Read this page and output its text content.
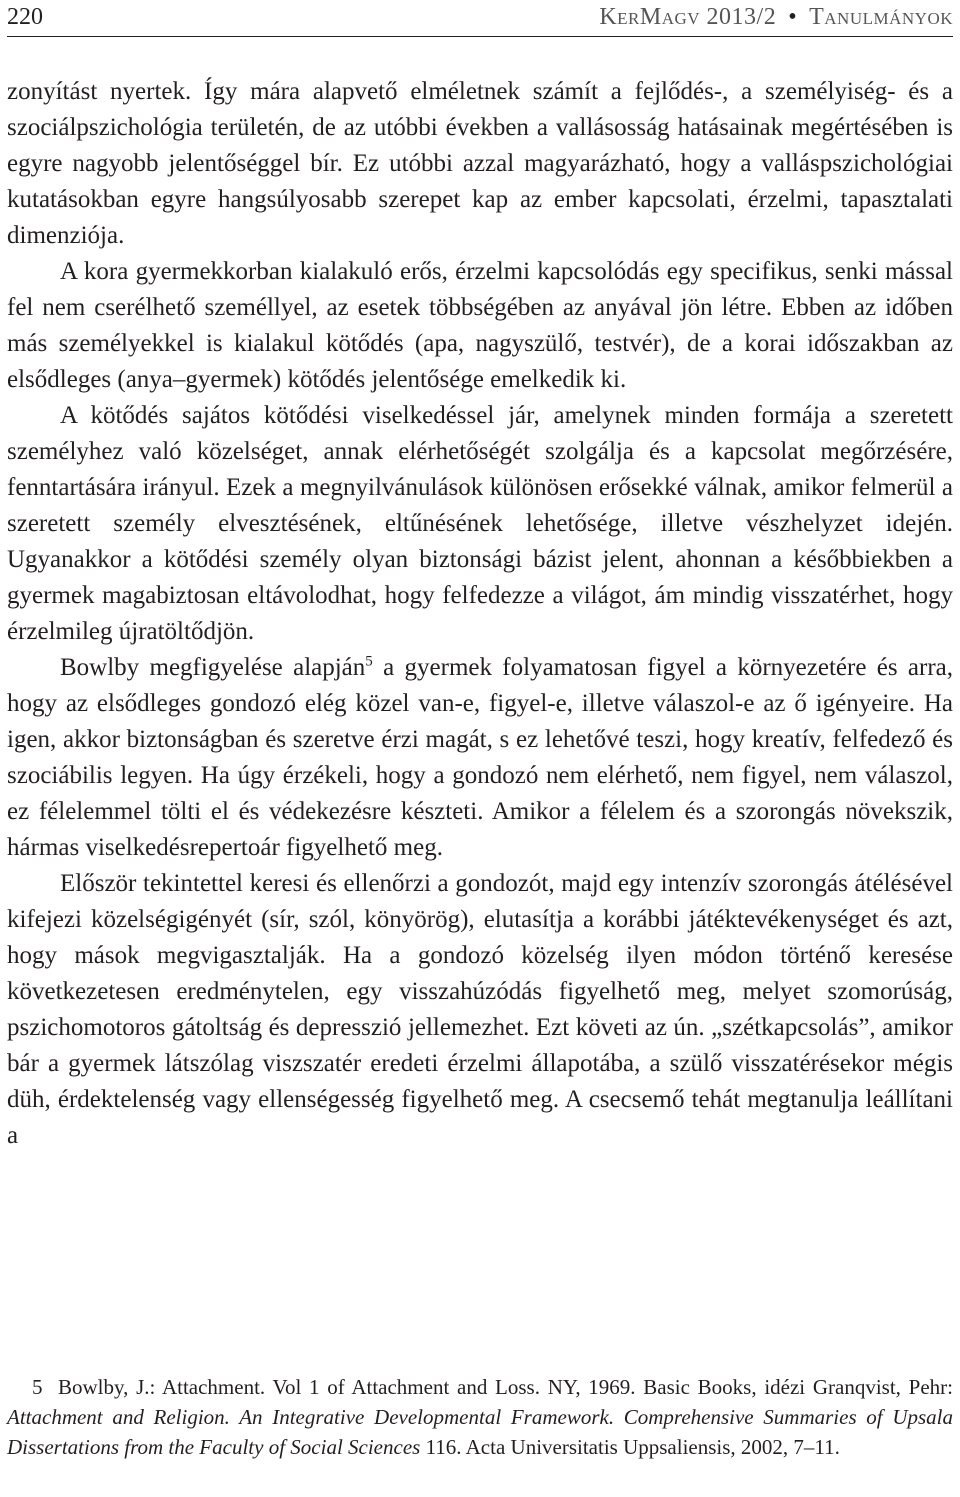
220	KerMagv 2013/2 • Tanulmányok

zonyítást nyertek. Így mára alapvető elméletnek számít a fejlődés-, a személyiség- és a szociálpszichológia területén, de az utóbbi években a vallásosság hatásainak megértésében is egyre nagyobb jelentőséggel bír. Ez utóbbi azzal magyarázható, hogy a valláspszichológiai kutatásokban egyre hangsúlyosabb szerepet kap az ember kapcsolati, érzelmi, tapasztalati dimenziója.

A kora gyermekkorban kialakuló erős, érzelmi kapcsolódás egy specifikus, senki mással fel nem cserélhető személlyel, az esetek többségében az anyával jön létre. Ebben az időben más személyekkel is kialakul kötődés (apa, nagyszülő, testvér), de a korai időszakban az elsődleges (anya–gyermek) kötődés jelentősége emelkedik ki.

A kötődés sajátos kötődési viselkedéssel jár, amelynek minden formája a szeretett személyhez való közelséget, annak elérhetőségét szolgálja és a kapcsolat megőrzésére, fenntartására irányul. Ezek a megnyilvánulások különösen erősekké válnak, amikor felmerül a szeretett személy elvesztésének, eltűnésének lehetősége, illetve vészhelyzet idején. Ugyanakkor a kötődési személy olyan biztonsági bázist jelent, ahonnan a későbbiekben a gyermek magabiztosan eltávolodhat, hogy felfedezze a világot, ám mindig visszatérhet, hogy érzelmileg újratöltődjön.

Bowlby megfigyelése alapján$^5$ a gyermek folyamatosan figyel a környezetére és arra, hogy az elsődleges gondozó elég közel van-e, figyel-e, illetve válaszol-e az ő igényeire. Ha igen, akkor biztonságban és szeretve érzi magát, s ez lehetővé teszi, hogy kreatív, felfedező és szociábilis legyen. Ha úgy érzékeli, hogy a gondozó nem elérhető, nem figyel, nem válaszol, ez félelemmel tölti el és védekezésre készteti. Amikor a félelem és a szorongás növekszik, hármas viselkedésrepertoár figyelhető meg.

Először tekintettel keresi és ellenőrzi a gondozót, majd egy intenzív szorongás átélésével kifejezi közelségigényét (sír, szól, könyörög), elutasítja a korábbi játéktevékenységet és azt, hogy mások megvigasztalják. Ha a gondozó közelség ilyen módon történő keresése következetesen eredménytelen, egy visszahúzódás figyelhető meg, melyet szomorúság, pszichomotoros gátoltság és depresszió jellemezhet. Ezt követi az ún. „szétkapcsolás”, amikor bár a gyermek látszólag viszszatér eredeti érzelmi állapotába, a szülő visszatérésekor mégis düh, érdektelenség vagy ellenségesség figyelhető meg. A csecsemő tehát megtanulja leállítani a

5 Bowlby, J.: Attachment. Vol 1 of Attachment and Loss. NY, 1969. Basic Books, idézi Granqvist, Pehr: Attachment and Religion. An Integrative Developmental Framework. Comprehensive Summaries of Upsala Dissertations from the Faculty of Social Sciences 116. Acta Universitatis Uppsaliensis, 2002, 7–11.
